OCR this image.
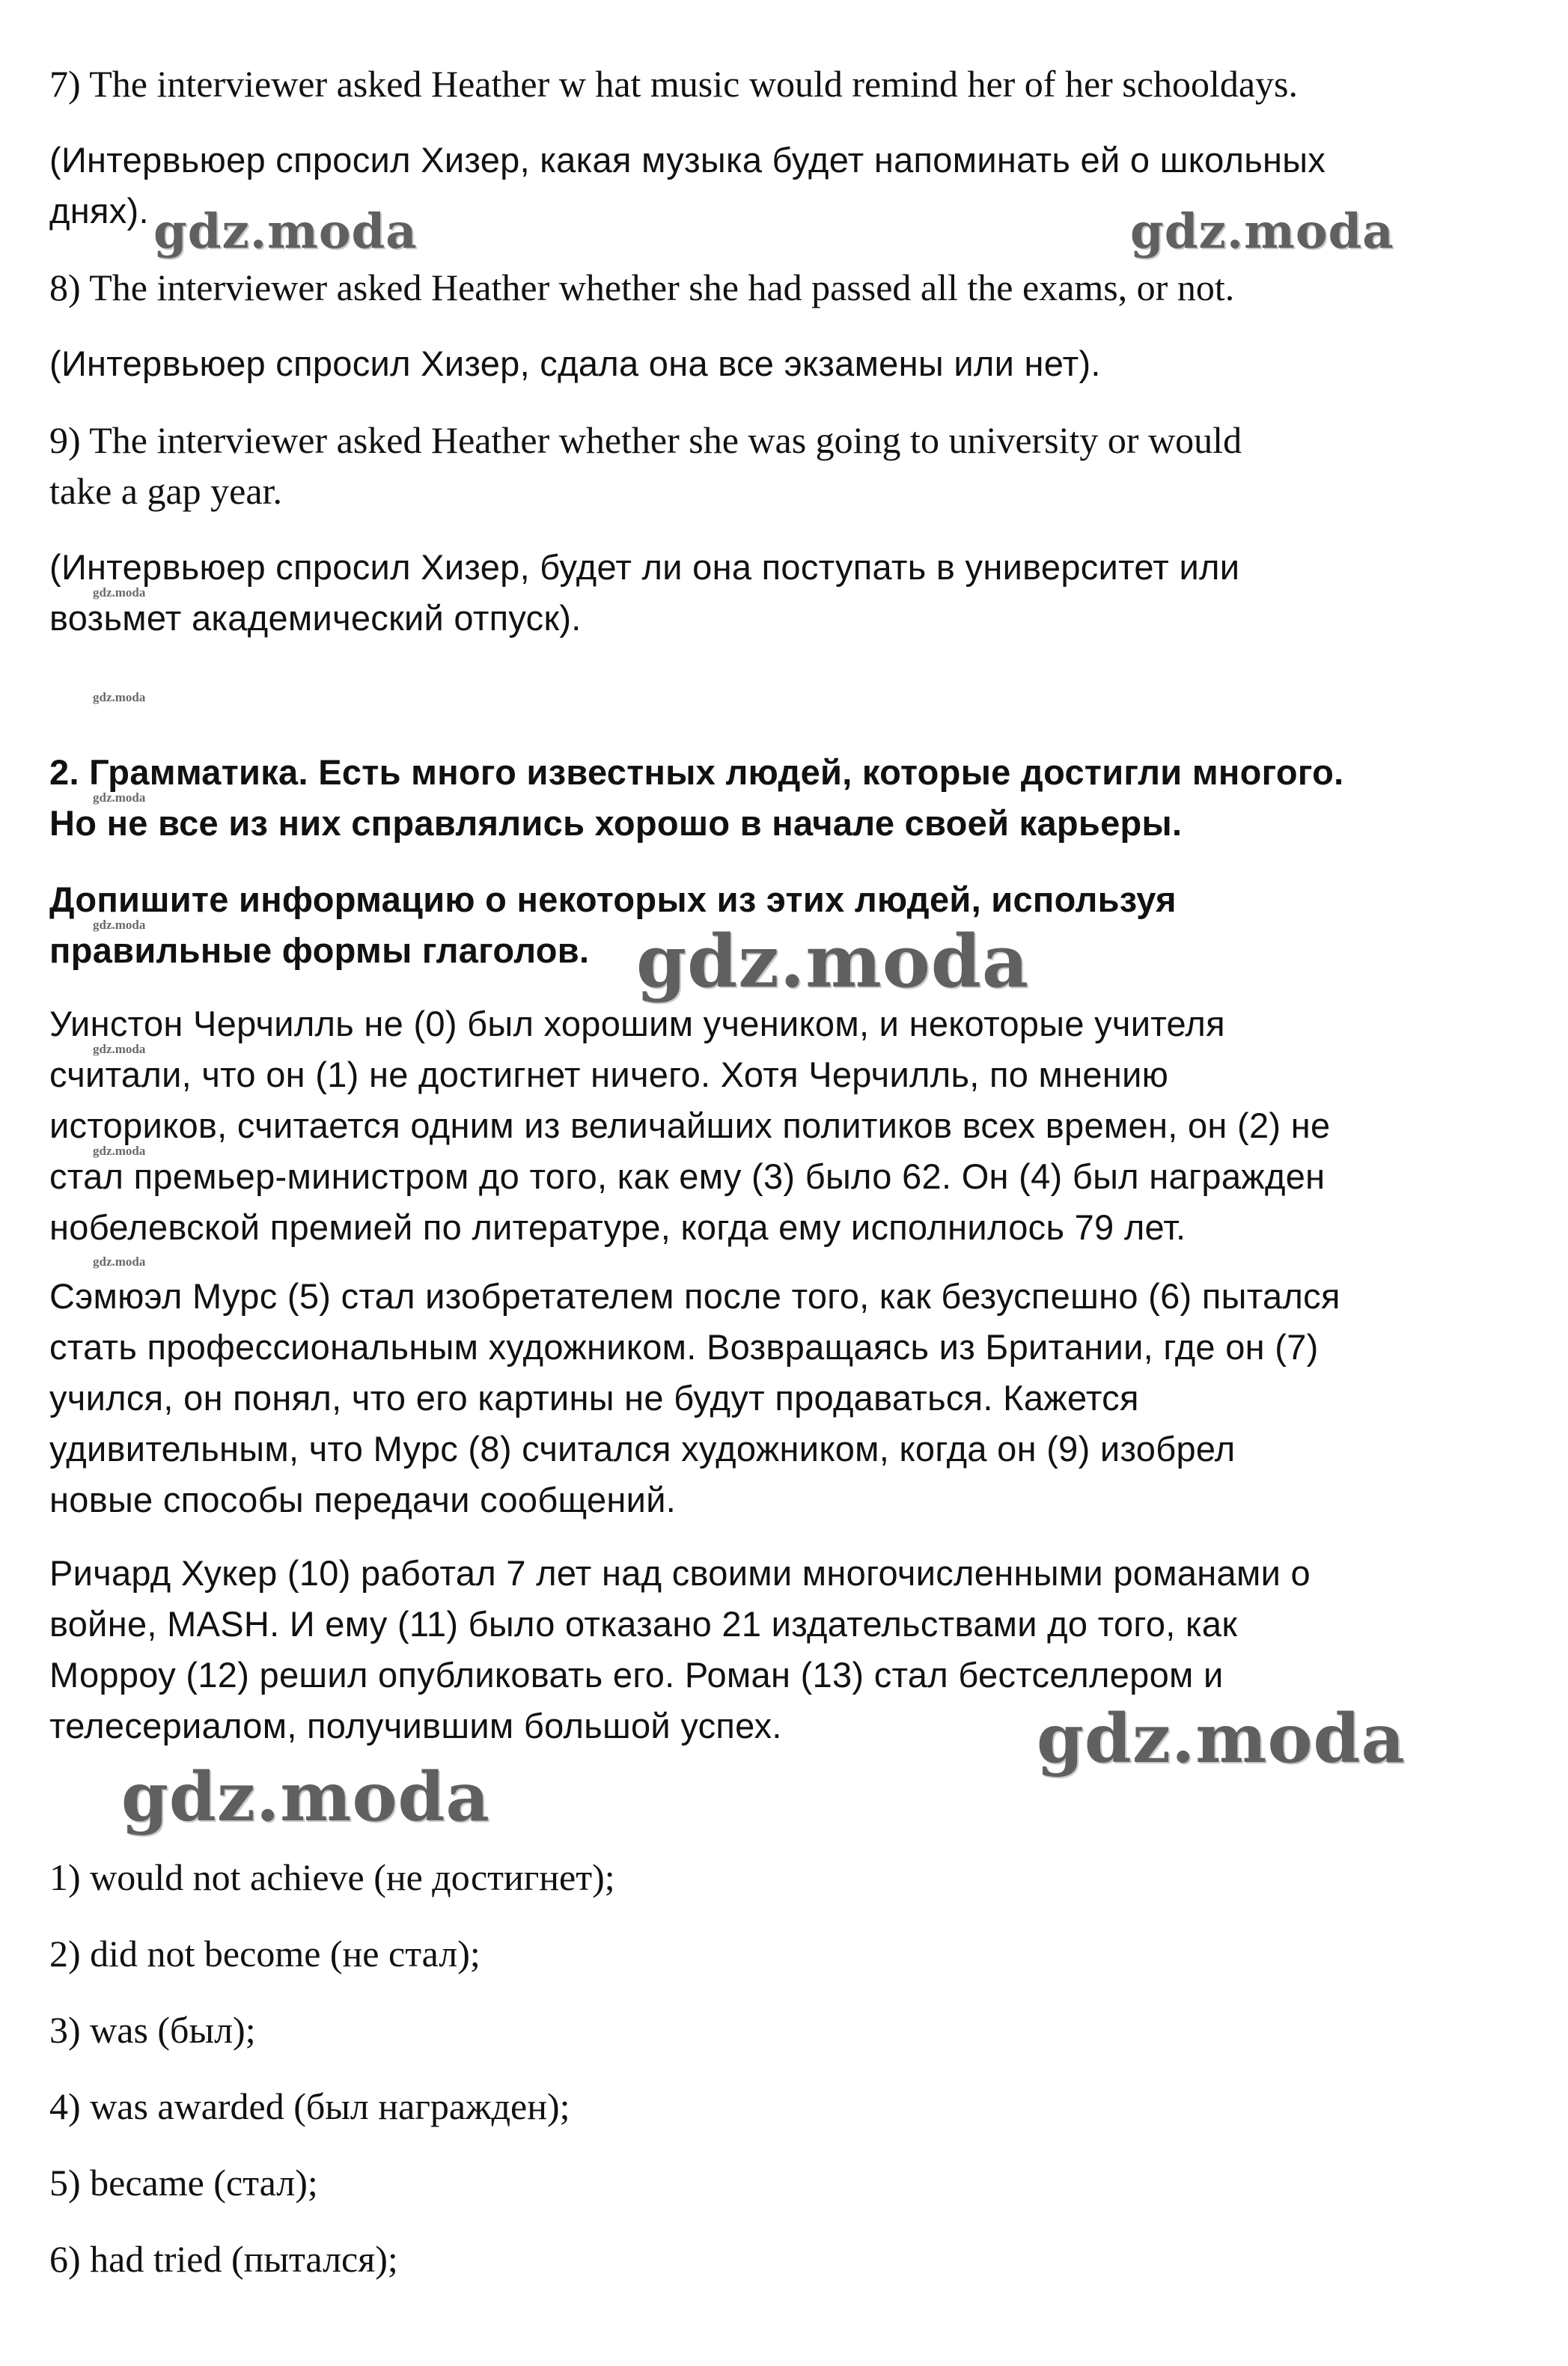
7) The interviewer asked Heather w hat music would remind her of her schooldays.

(Интервьюер спросил Хизер, какая музыка будет напоминать ей о школьных

днях).

8) The interviewer asked Heather whether she had passed all the exams, or not.

(Интервьюер спросил Хизер, сдала она все экзамены или нет).

9) The interviewer asked Heather whether she was going to university or would

take a gap year.

(Интервьюер спросил Хизер, будет ли она поступать в университет или

возьмет академический отпуск).

2. Грамматика. Есть много известных людей, которые достигли многого.

Но не все из них справлялись хорошо в начале своей карьеры.

Допишите информацию о некоторых из этих людей, используя

правильные формы глаголов.

Уинстон Черчилль не (0) был хорошим учеником, и некоторые учителя

считали, что он (1) не достигнет ничего. Хотя Черчилль, по мнению

историков, считается одним из величайших политиков всех времен, он (2) не

стал премьер-министром до того, как ему (3) было 62. Он (4) был награжден

нобелевской премией по литературе, когда ему исполнилось 79 лет.

Сэмюэл Мурс (5) стал изобретателем после того, как безуспешно (6) пытался

стать профессиональным художником. Возвращаясь из Британии, где он (7)

учился, он понял, что его картины не будут продаваться. Кажется

удивительным, что Мурс (8) считался художником, когда он (9) изобрел

новые способы передачи сообщений.

Ричард Хукер (10) работал 7 лет над своими многочисленными романами о

войне, MASH. И ему (11) было отказано 21 издательствами до того, как

Морроу (12) решил опубликовать его. Роман (13) стал бестселлером и

телесериалом, получившим большой успех.

1) would not achieve (не достигнет);

2) did not become (не стал);

3) was (был);

4) was awarded (был награжден);

5) became (стал);

6) had tried (пытался);

gdz.moda	gdz.moda

gdz.moda

gdz.moda

gdz.moda

gdz.moda

gdz.moda

gdz.moda

gdz.moda

gdz.moda

gdz.moda

gdz.moda
